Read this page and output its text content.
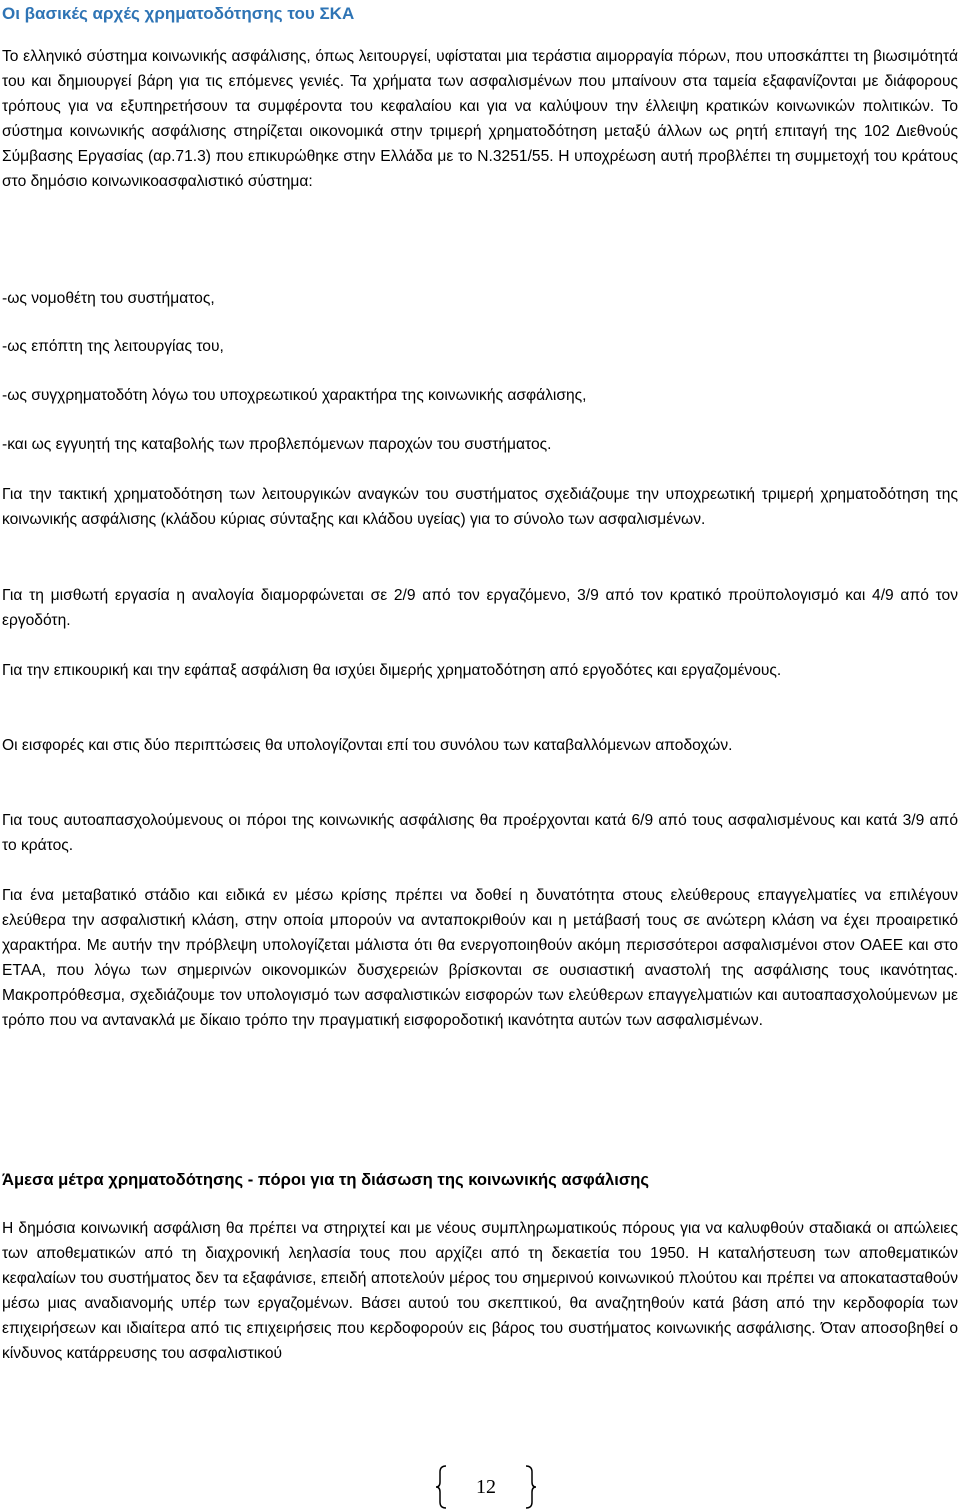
Οι βασικές αρχές χρηματοδότησης του ΣΚΑ

Το ελληνικό σύστημα κοινωνικής ασφάλισης, όπως λειτουργεί, υφίσταται μια τεράστια αιμορραγία πόρων, που υποσκάπτει τη βιωσιμότητά του και δημιουργεί βάρη για τις επόμενες γενιές. Τα χρήματα των ασφαλισμένων που μπαίνουν στα ταμεία εξαφανίζονται με διάφορους τρόπους για να εξυπηρετήσουν τα συμφέροντα του κεφαλαίου και για να καλύψουν την έλλειψη κρατικών κοινωνικών πολιτικών. Το σύστημα κοινωνικής ασφάλισης στηρίζεται οικονομικά στην τριμερή χρηματοδότηση μεταξύ άλλων ως ρητή επιταγή της 102 Διεθνούς Σύμβασης Εργασίας (αρ.71.3) που επικυρώθηκε στην Ελλάδα με το Ν.3251/55. Η υποχρέωση αυτή προβλέπει τη συμμετοχή του κράτους στο δημόσιο κοινωνικοασφαλιστικό σύστημα:

-ως νομοθέτη του συστήματος,

-ως επόπτη της λειτουργίας του,

-ως συγχρηματοδότη λόγω του υποχρεωτικού χαρακτήρα της κοινωνικής ασφάλισης,

-και ως εγγυητή της καταβολής των προβλεπόμενων παροχών του συστήματος.

Για την τακτική χρηματοδότηση των λειτουργικών αναγκών του συστήματος σχεδιάζουμε την υποχρεωτική τριμερή χρηματοδότηση της κοινωνικής ασφάλισης (κλάδου κύριας σύνταξης και κλάδου υγείας) για το σύνολο των ασφαλισμένων.

Για τη μισθωτή εργασία η αναλογία διαμορφώνεται σε 2/9 από τον εργαζόμενο, 3/9 από τον κρατικό προϋπολογισμό και 4/9 από τον εργοδότη.

Για την επικουρική και την εφάπαξ ασφάλιση θα ισχύει διμερής χρηματοδότηση από εργοδότες και εργαζομένους.

Οι εισφορές και στις δύο περιπτώσεις θα υπολογίζονται επί του συνόλου των καταβαλλόμενων αποδοχών.

Για τους αυτοαπασχολούμενους οι πόροι της κοινωνικής ασφάλισης θα προέρχονται κατά 6/9 από τους ασφαλισμένους και κατά 3/9 από το κράτος.

Για ένα μεταβατικό στάδιο και ειδικά εν μέσω κρίσης πρέπει να δοθεί η δυνατότητα στους ελεύθερους επαγγελματίες να επιλέγουν ελεύθερα την ασφαλιστική κλάση, στην οποία μπορούν να ανταποκριθούν και η μετάβασή τους σε ανώτερη κλάση να έχει προαιρετικό χαρακτήρα. Με αυτήν την πρόβλεψη υπολογίζεται μάλιστα ότι θα ενεργοποιηθούν ακόμη περισσότεροι ασφαλισμένοι στον ΟΑΕΕ και στο ΕΤΑΑ, που λόγω των σημερινών οικονομικών δυσχερειών βρίσκονται σε ουσιαστική αναστολή της ασφάλισης τους ικανότητας. Μακροπρόθεσμα, σχεδιάζουμε τον υπολογισμό των ασφαλιστικών εισφορών των ελεύθερων επαγγελματιών και αυτοαπασχολούμενων με τρόπο που να αντανακλά με δίκαιο τρόπο την πραγματική εισφοροδοτική ικανότητα αυτών των ασφαλισμένων.

Άμεσα μέτρα χρηματοδότησης - πόροι για τη διάσωση της κοινωνικής ασφάλισης

Η δημόσια κοινωνική ασφάλιση θα πρέπει να στηριχτεί και με νέους συμπληρωματικούς πόρους για να καλυφθούν σταδιακά οι απώλειες των αποθεματικών από τη διαχρονική λεηλασία τους που αρχίζει από τη δεκαετία του 1950. Η καταλήστευση των αποθεματικών κεφαλαίων του συστήματος δεν τα εξαφάνισε, επειδή αποτελούν μέρος του σημερινού κοινωνικού πλούτου και πρέπει να αποκατασταθούν μέσω μιας αναδιανομής υπέρ των εργαζομένων. Βάσει αυτού του σκεπτικού, θα αναζητηθούν κατά βάση από την κερδοφορία των επιχειρήσεων και ιδιαίτερα από τις επιχειρήσεις που κερδοφορούν εις βάρος του συστήματος κοινωνικής ασφάλισης. Όταν αποσοβηθεί ο κίνδυνος κατάρρευσης του ασφαλιστικού

12
